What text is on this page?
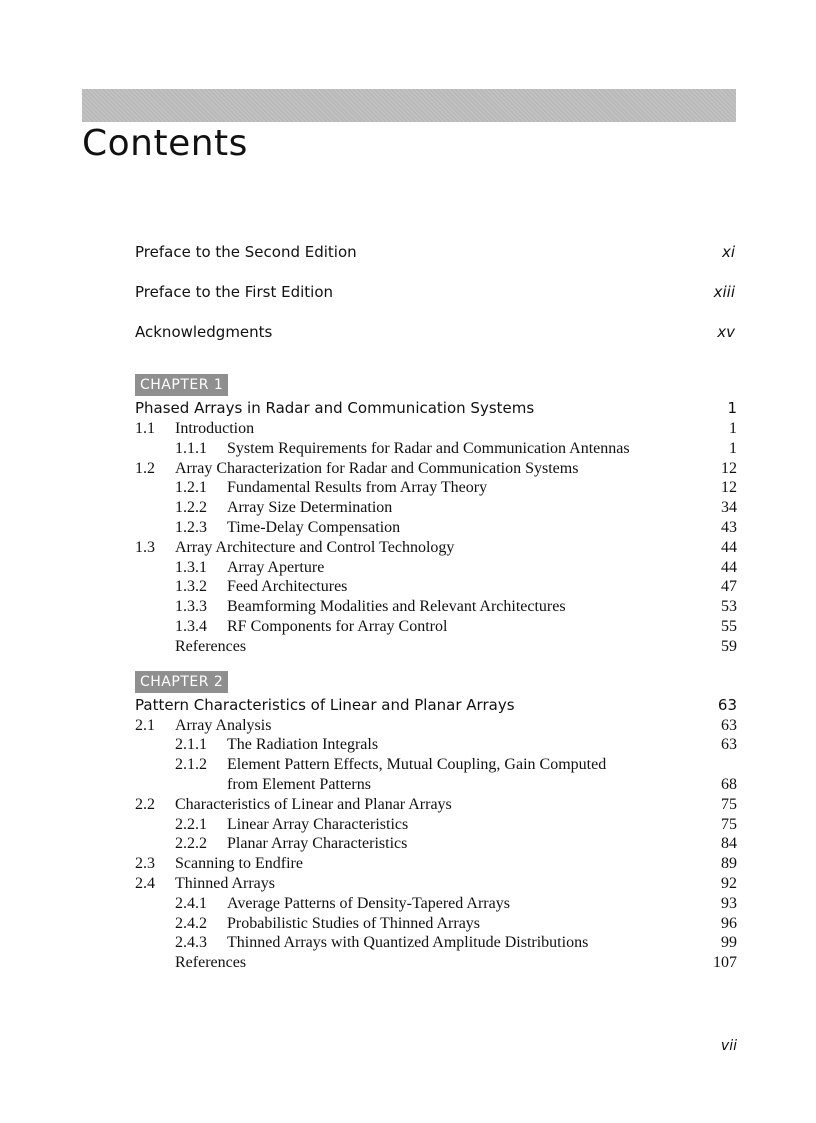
Contents
Preface to the Second Edition	xi
Preface to the First Edition	xiii
Acknowledgments	xv
CHAPTER 1
Phased Arrays in Radar and Communication Systems	1
1.1 Introduction	1
1.1.1 System Requirements for Radar and Communication Antennas	1
1.2 Array Characterization for Radar and Communication Systems	12
1.2.1 Fundamental Results from Array Theory	12
1.2.2 Array Size Determination	34
1.2.3 Time-Delay Compensation	43
1.3 Array Architecture and Control Technology	44
1.3.1 Array Aperture	44
1.3.2 Feed Architectures	47
1.3.3 Beamforming Modalities and Relevant Architectures	53
1.3.4 RF Components for Array Control	55
References	59
CHAPTER 2
Pattern Characteristics of Linear and Planar Arrays	63
2.1 Array Analysis	63
2.1.1 The Radiation Integrals	63
2.1.2 Element Pattern Effects, Mutual Coupling, Gain Computed
from Element Patterns	68
2.2 Characteristics of Linear and Planar Arrays	75
2.2.1 Linear Array Characteristics	75
2.2.2 Planar Array Characteristics	84
2.3 Scanning to Endfire	89
2.4 Thinned Arrays	92
2.4.1 Average Patterns of Density-Tapered Arrays	93
2.4.2 Probabilistic Studies of Thinned Arrays	96
2.4.3 Thinned Arrays with Quantized Amplitude Distributions	99
References	107
vii
